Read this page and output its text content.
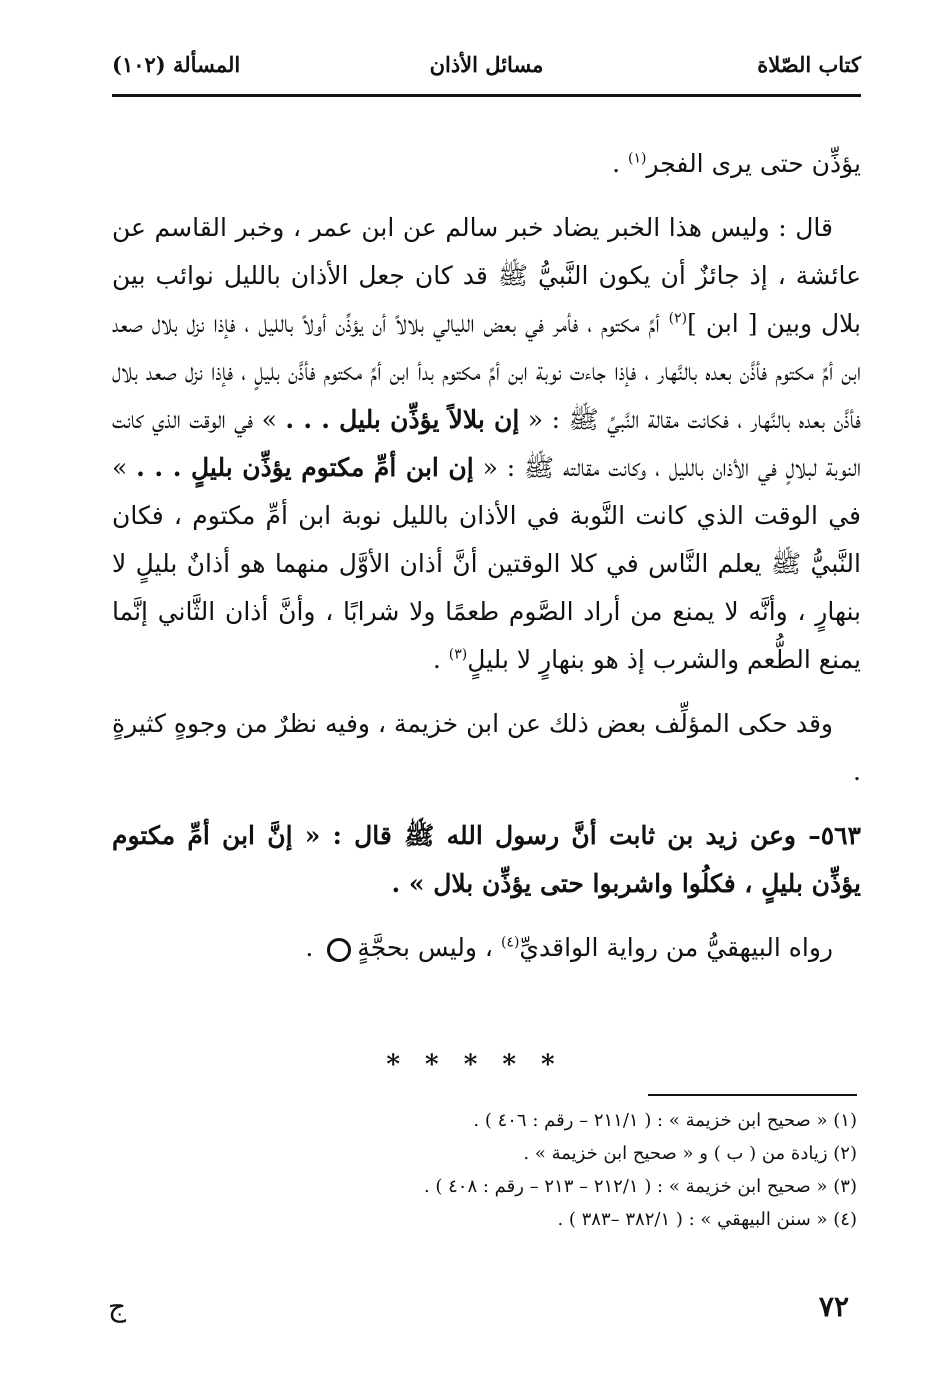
كتاب الصّلاة
مسائل الأذان
المسألة (١٠٢)

يؤذِّن حتى يرى الفجر$^{(١)}$ .

قال : وليس هذا الخبر يضاد خبر سالم عن ابن عمر ، وخبر القاسم عن عائشة ، إذ جائزٌ أن يكون النَّبيُّ ﷺ قد كان جعل الأذان بالليل نوائب بين بلال وبين [ ابن ]$^{(٢)}$ أمِّ مكتوم ، فأمر في بعض الليالي بلالاً أن يؤذِّن أولاً بالليل ، فإذا نزل بلال صعد ابن أمِّ مكتوم فأذَّن بعده بالنَّهار ، فإذا جاءت نوبة ابن أمِّ مكتوم بدأ ابن أمِّ مكتوم فأذَّن بليلٍ ، فإذا نزل صعد بلال فأذَّن بعده بالنَّهار ، فكانت مقالة النَّبيِّ ﷺ : « إن بلالاً يؤذِّن بليل . . . » في الوقت الذي كانت النوبة لبلالٍ في الأذان بالليل ، وكانت مقالته ﷺ : « إن ابن أمِّ مكتوم يؤذِّن بليلٍ . . . » في الوقت الذي كانت النَّوبة في الأذان بالليل نوبة ابن أمِّ مكتوم ، فكان النَّبيُّ ﷺ يعلم النَّاس في كلا الوقتين أنَّ أذان الأوَّل منهما هو أذانٌ بليلٍ لا بنهارٍ ، وأنَّه لا يمنع من أراد الصَّوم طعمًا ولا شرابًا ، وأنَّ أذان الثَّاني إنَّما يمنع الطُّعم والشرب إذ هو بنهارٍ لا بليلٍ$^{(٣)}$ .

وقد حكى المؤلِّف بعض ذلك عن ابن خزيمة ، وفيه نظرٌ من وجوهٍ كثيرةٍ .

٥٦٣– وعن زيد بن ثابت أنَّ رسول الله ﷺ قال : « إنَّ ابن أمِّ مكتوم يؤذِّن بليلٍ ، فكلُوا واشربوا حتى يؤذِّن بلال » .

رواه البيهقيُّ من رواية الواقديِّ$^{(٤)}$ ، وليس بحجَّةٍ .

* * * * *
(١) « صحيح ابن خزيمة » : ( ٢١١/١ – رقم : ٤٠٦ ) .
(٢) زيادة من ( ب ) و « صحيح ابن خزيمة » .
(٣) « صحيح ابن خزيمة » : ( ٢١٢/١ – ٢١٣ – رقم : ٤٠٨ ) .
(٤) « سنن البيهقي » : ( ٣٨٢/١ –٣٨٣ ) .
٧٢
ج
